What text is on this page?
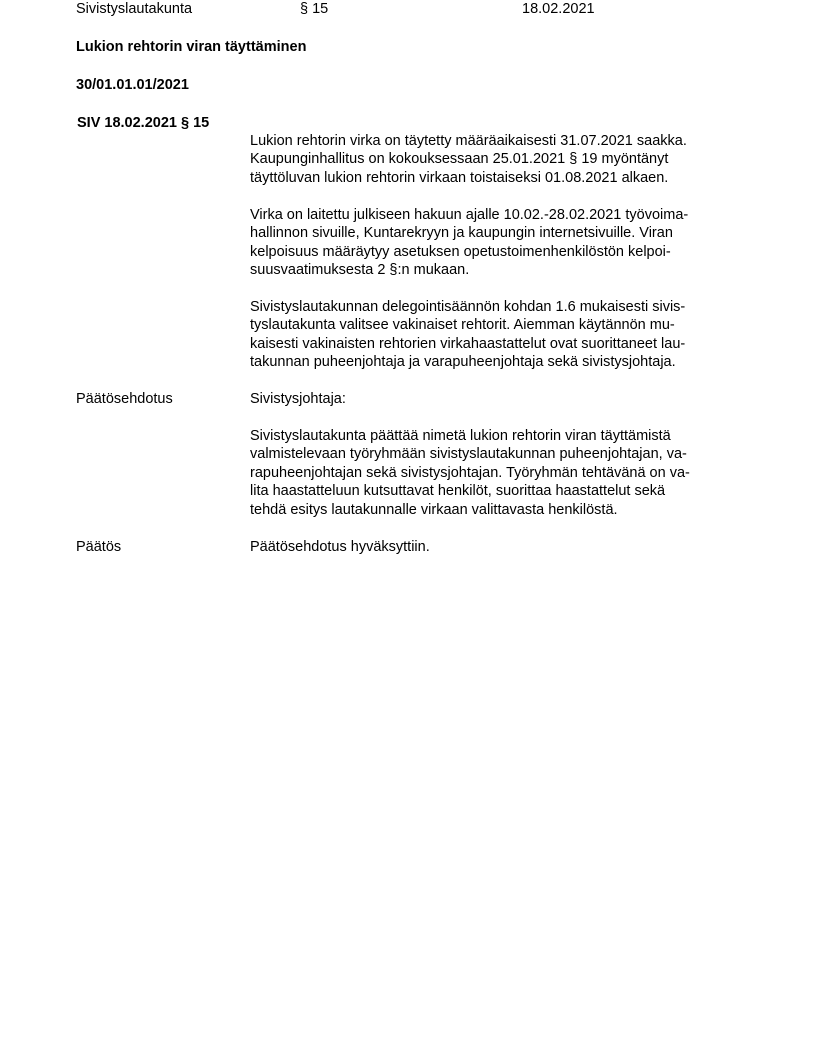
Sivistyslautakunta	§ 15	18.02.2021
Lukion rehtorin viran täyttäminen
30/01.01.01/2021
SIV 18.02.2021 § 15

Lukion rehtorin virka on täytetty määräaikaisesti 31.07.2021 saakka.
Kaupunginhallitus on kokouksessaan 25.01.2021 § 19 myöntänyt
täyttöluvan lukion rehtorin virkaan toistaiseksi 01.08.2021 alkaen.

Virka on laitettu julkiseen hakuun ajalle 10.02.-28.02.2021 työvoima-
hallinnon sivuille, Kuntarekryyn ja kaupungin internetsivuille. Viran
kelpoisuus määräytyy asetuksen opetustoimenhenkilöstön kelpoi-
suusvaatimuksesta 2 §:n mukaan.

Sivistyslautakunnan delegointisäännön kohdan 1.6 mukaisesti sivis-
tyslautakunta valitsee vakinaiset rehtorit. Aiemman käytännön mu-
kaisesti vakinaisten rehtorien virkahaastattelut ovat suorittaneet lau-
takunnan puheenjohtaja ja varapuheenjohtaja sekä sivistysjohtaja.

Päätösehdotus	Sivistysjohtaja:

Sivistyslautakunta päättää nimetä lukion rehtorin viran täyttämistä
valmistelevaan työryhmään sivistyslautakunnan puheenjohtajan, va-
rapuheenjohtajan sekä sivistysjohtajan. Työryhmän tehtävänä on va-
lita haastatteluun kutsuttavat henkilöt, suorittaa haastattelut sekä
tehdä esitys lautakunnalle virkaan valittavasta henkilöstä.

Päätös	Päätösehdotus hyväksyttiin.
